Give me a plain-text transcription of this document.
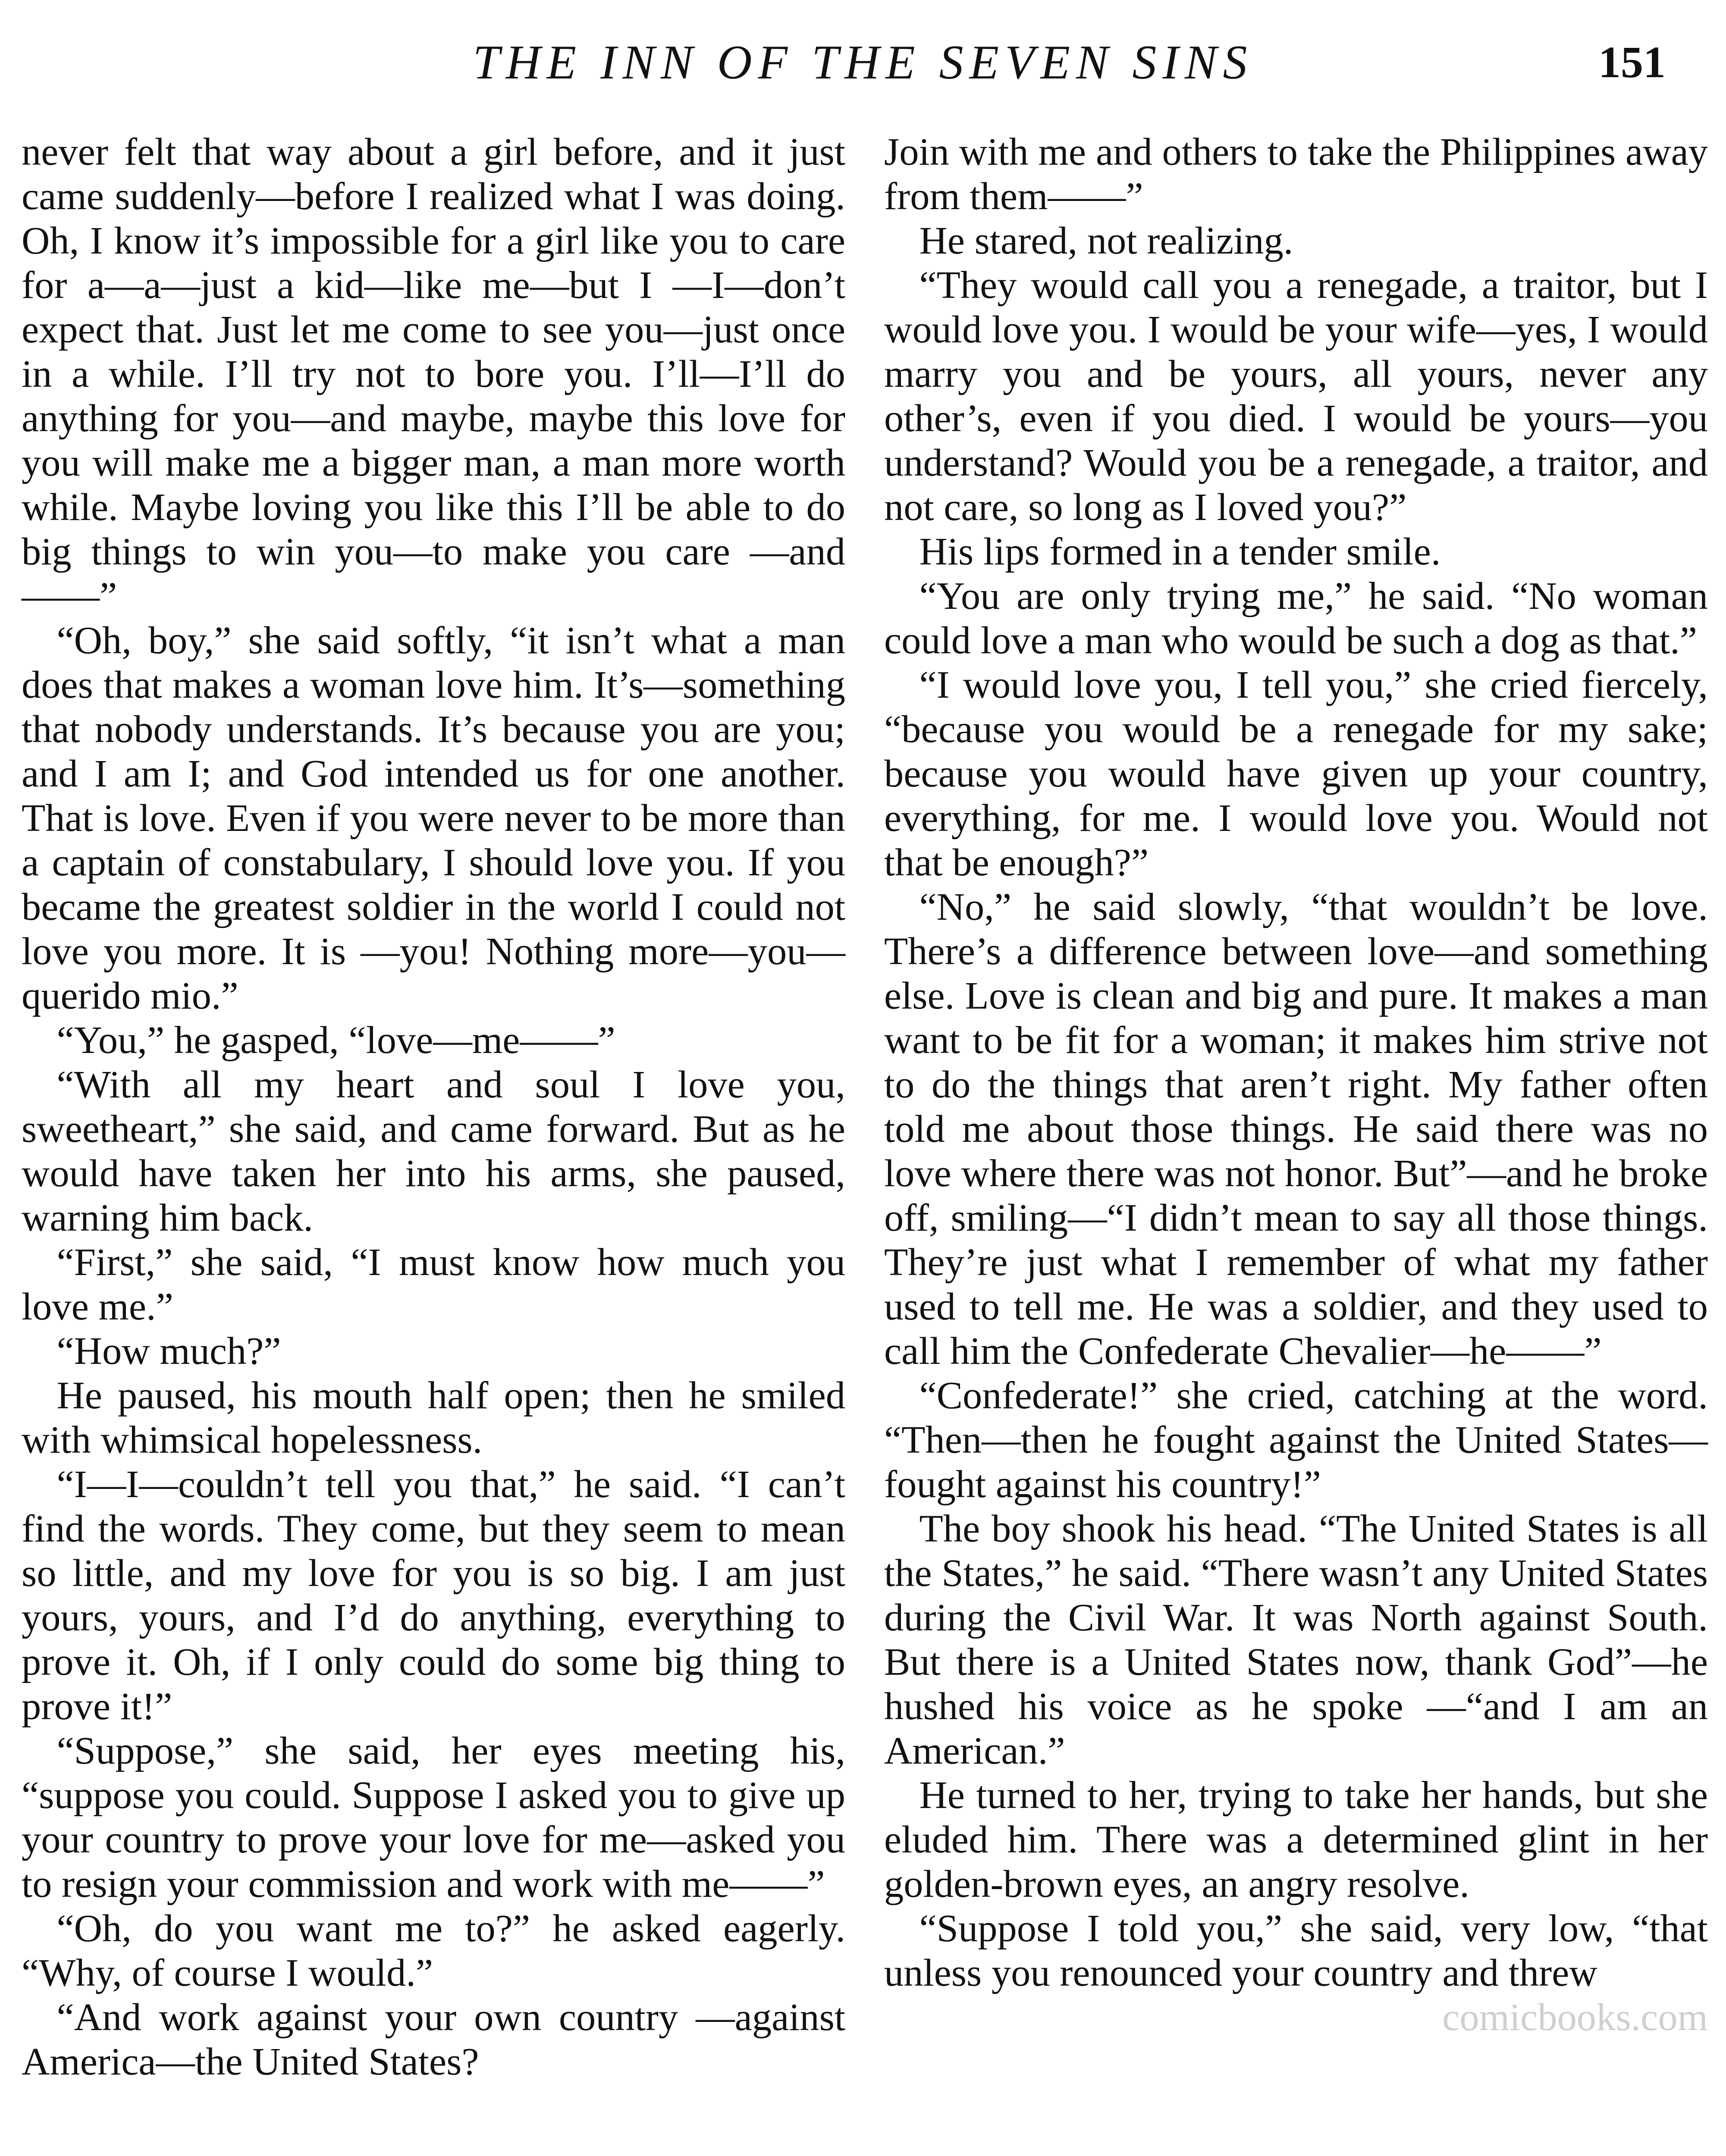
THE INN OF THE SEVEN SINS	151

never felt that way about a girl before, and it just came suddenly—before I realized what I was doing. Oh, I know it’s impossible for a girl like you to care for a—a—just a kid—like me—but I —I—don’t expect that. Just let me come to see you—just once in a while. I’ll try not to bore you. I’ll—I’ll do anything for you—and maybe, maybe this love for you will make me a bigger man, a man more worth while. Maybe loving you like this I’ll be able to do big things to win you—to make you care —and——”

“Oh, boy,” she said softly, “it isn’t what a man does that makes a woman love him. It’s—something that nobody understands. It’s because you are you; and I am I; and God intended us for one another. That is love. Even if you were never to be more than a captain of constabulary, I should love you. If you became the greatest soldier in the world I could not love you more. It is —you! Nothing more—you—querido mio.”

“You,” he gasped, “love—me——”

“With all my heart and soul I love you, sweetheart,” she said, and came forward. But as he would have taken her into his arms, she paused, warning him back.

“First,” she said, “I must know how much you love me.”

“How much?”

He paused, his mouth half open; then he smiled with whimsical hopelessness.

“I—I—couldn’t tell you that,” he said. “I can’t find the words. They come, but they seem to mean so little, and my love for you is so big. I am just yours, yours, and I’d do anything, everything to prove it. Oh, if I only could do some big thing to prove it!”

“Suppose,” she said, her eyes meeting his, “suppose you could. Suppose I asked you to give up your country to prove your love for me—asked you to resign your commission and work with me——”

“Oh, do you want me to?” he asked eagerly. “Why, of course I would.”

“And work against your own country —against America—the United States?

Join with me and others to take the Philippines away from them——”

He stared, not realizing.

“They would call you a renegade, a traitor, but I would love you. I would be your wife—yes, I would marry you and be yours, all yours, never any other’s, even if you died. I would be yours—you understand? Would you be a renegade, a traitor, and not care, so long as I loved you?”

His lips formed in a tender smile.

“You are only trying me,” he said. “No woman could love a man who would be such a dog as that.”

“I would love you, I tell you,” she cried fiercely, “because you would be a renegade for my sake; because you would have given up your country, everything, for me. I would love you. Would not that be enough?”

“No,” he said slowly, “that wouldn’t be love. There’s a difference between love—and something else. Love is clean and big and pure. It makes a man want to be fit for a woman; it makes him strive not to do the things that aren’t right. My father often told me about those things. He said there was no love where there was not honor. But”—and he broke off, smiling—“I didn’t mean to say all those things. They’re just what I remember of what my father used to tell me. He was a soldier, and they used to call him the Confederate Chevalier—he——”

“Confederate!” she cried, catching at the word. “Then—then he fought against the United States—fought against his country!”

The boy shook his head. “The United States is all the States,” he said. “There wasn’t any United States during the Civil War. It was North against South. But there is a United States now, thank God”—he hushed his voice as he spoke —“and I am an American.”

He turned to her, trying to take her hands, but she eluded him. There was a determined glint in her golden-brown eyes, an angry resolve.

“Suppose I told you,” she said, very low, “that unless you renounced your country and threw

comicbooks.com
